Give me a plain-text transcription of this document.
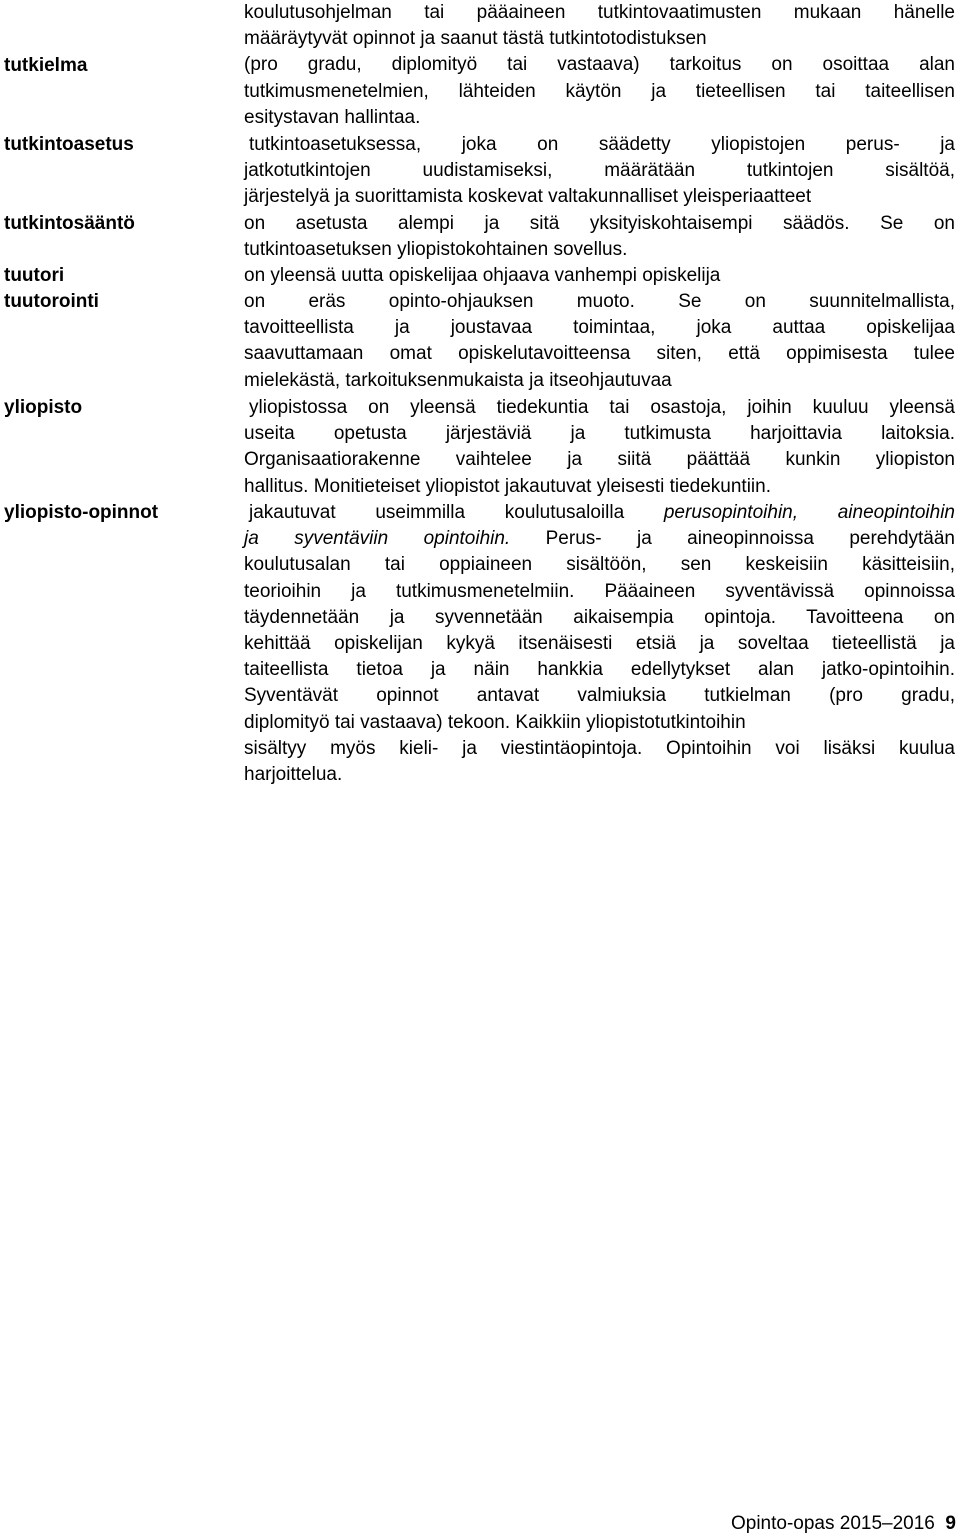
tutkielma
tutkintoasetus
tutkintosääntö
tuutori
tuutorointi
yliopisto
yliopisto-opinnot
koulutusohjelman tai pääaineen tutkintovaatimusten mukaan hänelle
määräytyvät opinnot ja saanut tästä tutkintotodistuksen
(pro gradu, diplomityö tai vastaava) tarkoitus on osoittaa alan
tutkimusmenetelmien, lähteiden käytön ja tieteellisen tai taiteellisen
esitystavan hallintaa.
tutkintoasetuksessa, joka on säädetty yliopistojen perus- ja
jatkotutkintojen uudistamiseksi, määrätään tutkintojen sisältöä,
järjestelyä ja suorittamista koskevat valtakunnalliset yleisperiaatteet
on asetusta alempi ja sitä yksityiskohtaisempi säädös. Se on
tutkintoasetuksen yliopistokohtainen sovellus.
on yleensä uutta opiskelijaa ohjaava vanhempi opiskelija
on eräs opinto-ohjauksen muoto. Se on suunnitelmallista,
tavoitteellista ja joustavaa toimintaa, joka auttaa opiskelijaa
saavuttamaan omat opiskelutavoitteensa siten, että oppimisesta tulee
mielekästä, tarkoituksenmukaista ja itseohjautuvaa
yliopistossa on yleensä tiedekuntia tai osastoja, joihin kuuluu yleensä
useita opetusta järjestäviä ja tutkimusta harjoittavia laitoksia.
Organisaatiorakenne vaihtelee ja siitä päättää kunkin yliopiston
hallitus. Monitieteiset yliopistot jakautuvat yleisesti tiedekuntiin.
jakautuvat useimmilla koulutusaloilla perusopintoihin, aineopintoihin
ja syventäviin opintoihin. Perus- ja aineopinnoissa perehdytään
koulutusalan tai oppiaineen sisältöön, sen keskeisiin käsitteisiin,
teorioihin ja tutkimusmenetelmiin. Pääaineen syventävissä opinnoissa
täydennetään ja syvennetään aikaisempia opintoja. Tavoitteena on
kehittää opiskelijan kykyä itsenäisesti etsiä ja soveltaa tieteellistä ja
taiteellista tietoa ja näin hankkia edellytykset alan jatko-opintoihin.
Syventävät opinnot antavat valmiuksia tutkielman (pro gradu,
diplomityö tai vastaava) tekoon. Kaikkiin yliopistotutkintoihin
sisältyy myös kieli- ja viestintäopintoja. Opintoihin voi lisäksi kuulua
harjoittelua.
Opinto-opas 2015–2016 9
